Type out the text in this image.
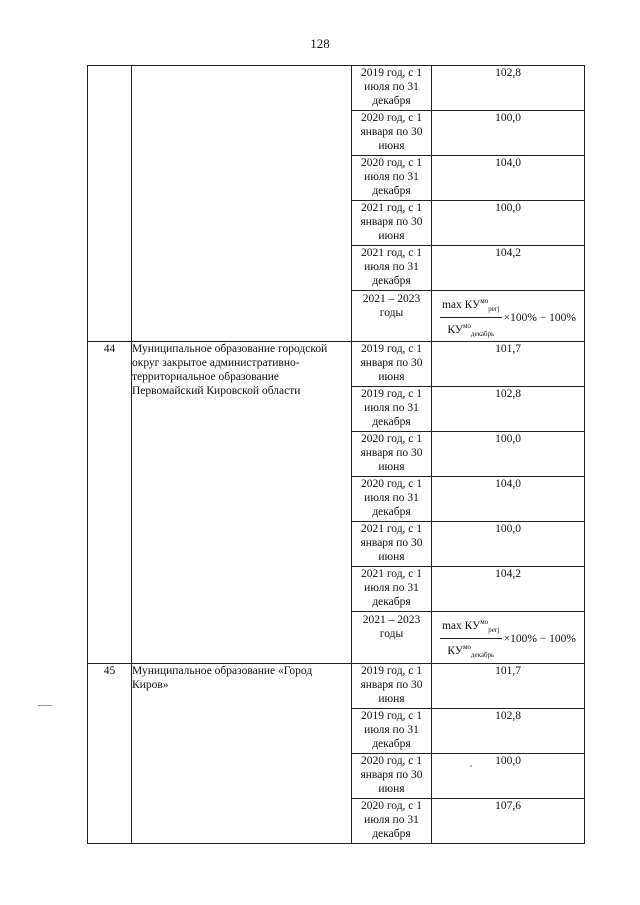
128
		2019 год, с 1 июля по 31 декабря	102,8
		2020 год, с 1 января по 30 июня	100,0
		2020 год, с 1 июля по 31 декабря	104,0
		2021 год, с 1 января по 30 июня	100,0
		2021 год, с 1 июля по 31 декабря	104,2
		2021 – 2023 годы	$\frac{\max КУ^{мо}_{регj}}{КУ^{мо}_{декабрь}} \times 100\% - 100\%$

44	Муниципальное образование городской округ закрытое административно-территориальное образование Первомайский Кировской области	2019 год, с 1 января по 30 июня	101,7
		2019 год, с 1 июля по 31 декабря	102,8
		2020 год, с 1 января по 30 июня	100,0
		2020 год, с 1 июля по 31 декабря	104,0
		2021 год, с 1 января по 30 июня	100,0
		2021 год, с 1 июля по 31 декабря	104,2
		2021 – 2023 годы	$\frac{\max КУ^{мо}_{регj}}{КУ^{мо}_{декабрь}} \times 100\% - 100\%$

45	Муниципальное образование «Город Киров»	2019 год, с 1 января по 30 июня	101,7
		2019 год, с 1 июля по 31 декабря	102,8
		2020 год, с 1 января по 30 июня	100,0
		2020 год, с 1 июля по 31 декабря	107,6
